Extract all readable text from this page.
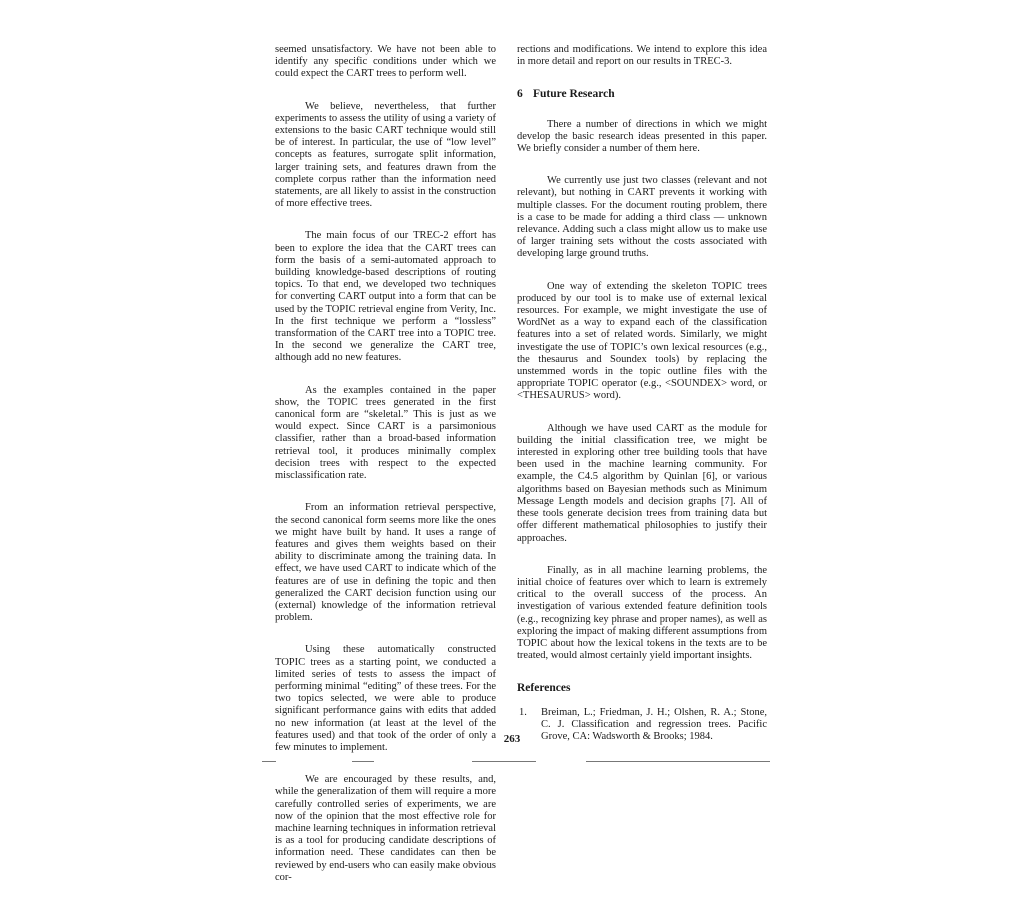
seemed unsatisfactory. We have not been able to identify any specific conditions under which we could expect the CART trees to perform well.

We believe, nevertheless, that further experiments to assess the utility of using a variety of extensions to the basic CART technique would still be of interest. In particular, the use of “low level” concepts as features, surrogate split information, larger training sets, and features drawn from the complete corpus rather than the information need statements, are all likely to assist in the construction of more effective trees.

The main focus of our TREC-2 effort has been to explore the idea that the CART trees can form the basis of a semi-automated approach to building knowledge-based descriptions of routing topics. To that end, we developed two techniques for converting CART output into a form that can be used by the TOPIC retrieval engine from Verity, Inc. In the first technique we perform a “lossless” transformation of the CART tree into a TOPIC tree. In the second we generalize the CART tree, although add no new features.

As the examples contained in the paper show, the TOPIC trees generated in the first canonical form are “skeletal.” This is just as we would expect. Since CART is a parsimonious classifier, rather than a broad-based information retrieval tool, it produces minimally complex decision trees with respect to the expected misclassification rate.

From an information retrieval perspective, the second canonical form seems more like the ones we might have built by hand. It uses a range of features and gives them weights based on their ability to discriminate among the training data. In effect, we have used CART to indicate which of the features are of use in defining the topic and then generalized the CART decision function using our (external) knowledge of the information retrieval problem.

Using these automatically constructed TOPIC trees as a starting point, we conducted a limited series of tests to assess the impact of performing minimal “editing” of these trees. For the two topics selected, we were able to produce significant performance gains with edits that added no new information (at least at the level of the features used) and that took of the order of only a few minutes to implement.

We are encouraged by these results, and, while the generalization of them will require a more carefully controlled series of experiments, we are now of the opinion that the most effective role for machine learning techniques in information retrieval is as a tool for producing candidate descriptions of information need. These candidates can then be reviewed by end-users who can easily make obvious cor-

rections and modifications. We intend to explore this idea in more detail and report on our results in TREC-3.

6 Future Research

There a number of directions in which we might develop the basic research ideas presented in this paper. We briefly consider a number of them here.

We currently use just two classes (relevant and not relevant), but nothing in CART prevents it working with multiple classes. For the document routing problem, there is a case to be made for adding a third class — unknown relevance. Adding such a class might allow us to make use of larger training sets without the costs associated with developing large ground truths.

One way of extending the skeleton TOPIC trees produced by our tool is to make use of external lexical resources. For example, we might investigate the use of WordNet as a way to expand each of the classification features into a set of related words. Similarly, we might investigate the use of TOPIC’s own lexical resources (e.g., the thesaurus and Soundex tools) by replacing the unstemmed words in the topic outline files with the appropriate TOPIC operator (e.g., <SOUNDEX> word, or <THESAURUS> word).

Although we have used CART as the module for building the initial classification tree, we might be interested in exploring other tree building tools that have been used in the machine learning community. For example, the C4.5 algorithm by Quinlan [6], or various algorithms based on Bayesian methods such as Minimum Message Length models and decision graphs [7]. All of these tools generate decision trees from training data but offer different mathematical philosophies to justify their approaches.

Finally, as in all machine learning problems, the initial choice of features over which to learn is extremely critical to the overall success of the process. An investigation of various extended feature definition tools (e.g., recognizing key phrase and proper names), as well as exploring the impact of making different assumptions from TOPIC about how the lexical tokens in the texts are to be treated, would almost certainly yield important insights.

References
1.	Breiman, L.; Friedman, J. H.; Olshen, R. A.; Stone, C. J. Classification and regression trees. Pacific Grove, CA: Wadsworth & Brooks; 1984.
263
